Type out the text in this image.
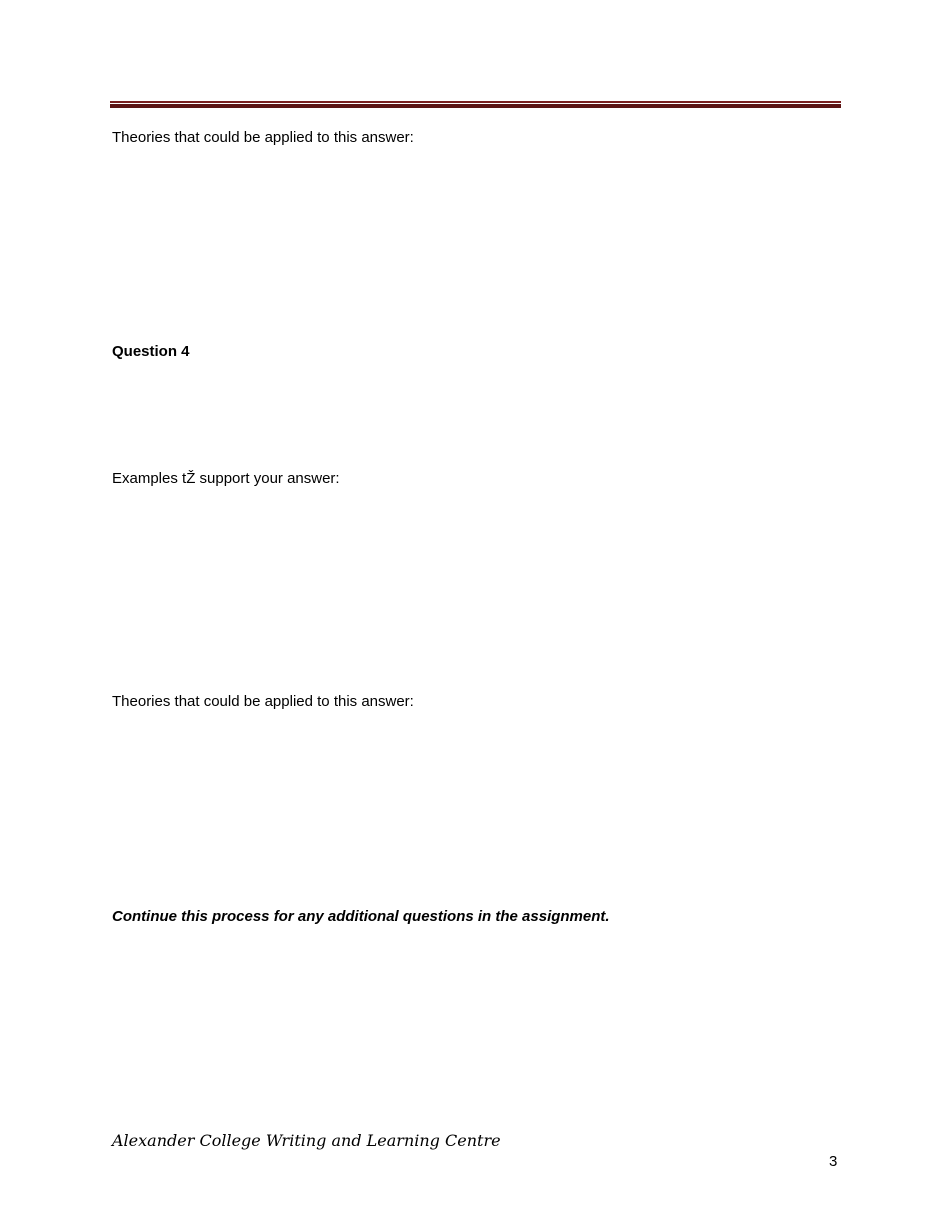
Theories that could be applied to this answer:
Question 4
Examples tŽ support your answer:
Theories that could be applied to this answer:
Continue this process for any additional questions in the assignment.
Alexander College Writing and Learning Centre
3
